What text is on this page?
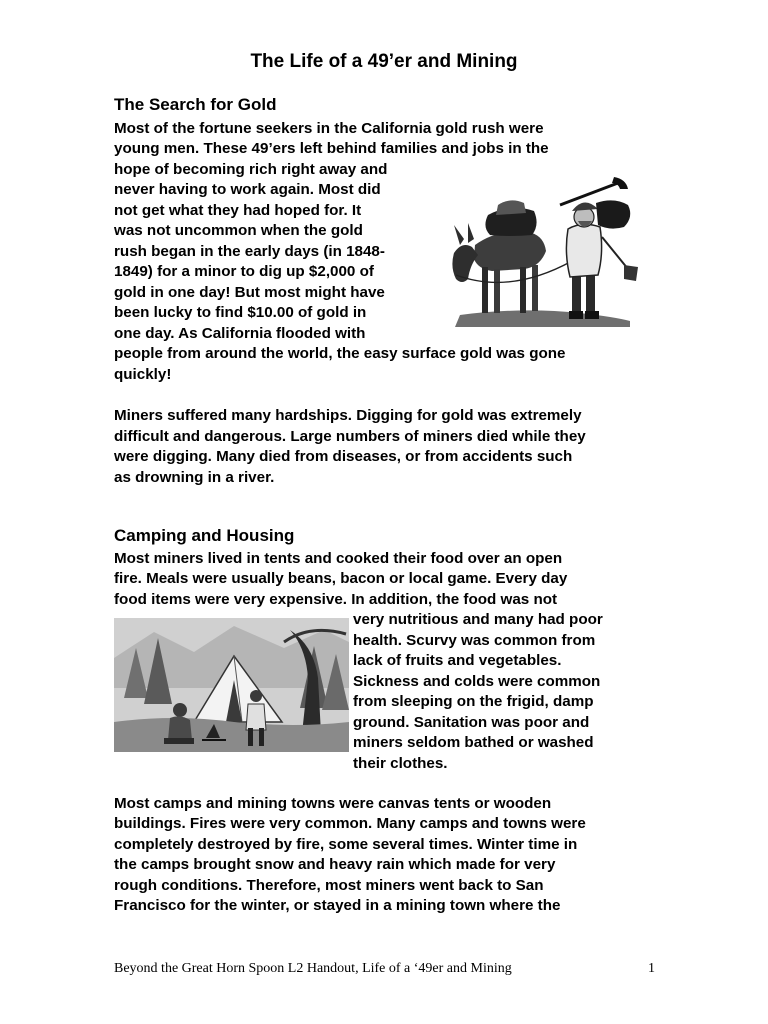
The Life of a 49’er and Mining
The Search for Gold
Most of the fortune seekers in the California gold rush were
young men. These 49’ers left behind families and jobs in the
hope of becoming rich right away and
never having to work again. Most did
not get what they had hoped for. It
was not uncommon when the gold
rush began in the early days (in 1848-
1849) for a minor to dig up $2,000 of
gold in one day! But most might have
been lucky to find $10.00 of gold in
one day. As California flooded with
people from around the world, the easy surface gold was gone
quickly!
Miners suffered many hardships. Digging for gold was extremely
difficult and dangerous. Large numbers of miners died while they
were digging. Many died from diseases, or from accidents such
as drowning in a river.
Camping and Housing
Most miners lived in tents and cooked their food over an open
fire. Meals were usually beans, bacon or local game. Every day
food items were very expensive. In addition, the food was not
very nutritious and many had poor
health. Scurvy was common from
lack of fruits and vegetables.
Sickness and colds were common
from sleeping on the frigid, damp
ground. Sanitation was poor and
miners seldom bathed or washed
their clothes.
Most camps and mining towns were canvas tents or wooden
buildings. Fires were very common. Many camps and towns were
completely destroyed by fire, some several times. Winter time in
the camps brought snow and heavy rain which made for very
rough conditions. Therefore, most miners went back to San
Francisco for the winter, or stayed in a mining town where the
Beyond the Great Horn Spoon L2 Handout, Life of a ‘49er and Mining	1
